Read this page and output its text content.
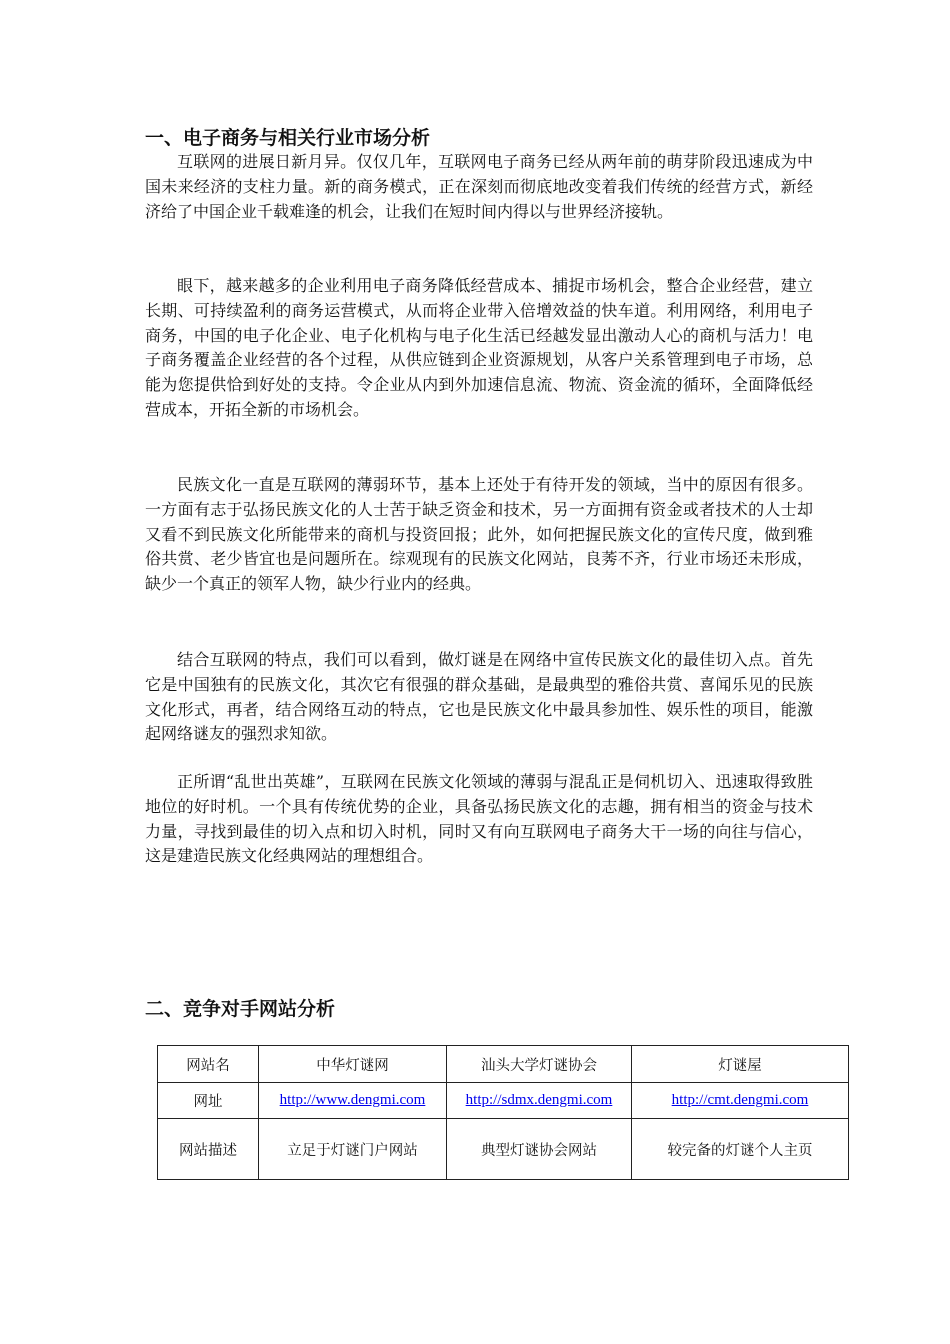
一、电子商务与相关行业市场分析

互联网的进展日新月异。仅仅几年，互联网电子商务已经从两年前的萌芽阶段迅速成为中国未来经济的支柱力量。新的商务模式，正在深刻而彻底地改变着我们传统的经营方式，新经济给了中国企业千载难逢的机会，让我们在短时间内得以与世界经济接轨。

眼下，越来越多的企业利用电子商务降低经营成本、捕捉市场机会，整合企业经营，建立长期、可持续盈利的商务运营模式，从而将企业带入倍增效益的快车道。利用网络，利用电子商务，中国的电子化企业、电子化机构与电子化生活已经越发显出激动人心的商机与活力！电子商务覆盖企业经营的各个过程，从供应链到企业资源规划，从客户关系管理到电子市场，总能为您提供恰到好处的支持。令企业从内到外加速信息流、物流、资金流的循环，全面降低经营成本，开拓全新的市场机会。

民族文化一直是互联网的薄弱环节，基本上还处于有待开发的领域，当中的原因有很多。一方面有志于弘扬民族文化的人士苦于缺乏资金和技术，另一方面拥有资金或者技术的人士却又看不到民族文化所能带来的商机与投资回报；此外，如何把握民族文化的宣传尺度，做到雅俗共赏、老少皆宜也是问题所在。综观现有的民族文化网站，良莠不齐，行业市场还未形成，缺少一个真正的领军人物，缺少行业内的经典。

结合互联网的特点，我们可以看到，做灯谜是在网络中宣传民族文化的最佳切入点。首先它是中国独有的民族文化，其次它有很强的群众基础，是最典型的雅俗共赏、喜闻乐见的民族文化形式，再者，结合网络互动的特点，它也是民族文化中最具参加性、娱乐性的项目，能激起网络谜友的强烈求知欲。

正所谓“乱世出英雄”，互联网在民族文化领域的薄弱与混乱正是伺机切入、迅速取得致胜地位的好时机。一个具有传统优势的企业，具备弘扬民族文化的志趣，拥有相当的资金与技术力量，寻找到最佳的切入点和切入时机，同时又有向互联网电子商务大干一场的向往与信心，这是建造民族文化经典网站的理想组合。

二、竞争对手网站分析
网站名	中华灯谜网	汕头大学灯谜协会	灯谜屋
网址	http://www.dengmi.com	http://sdmx.dengmi.com	http://cmt.dengmi.com
网站描述	立足于灯谜门户网站	典型灯谜协会网站	较完备的灯谜个人主页
